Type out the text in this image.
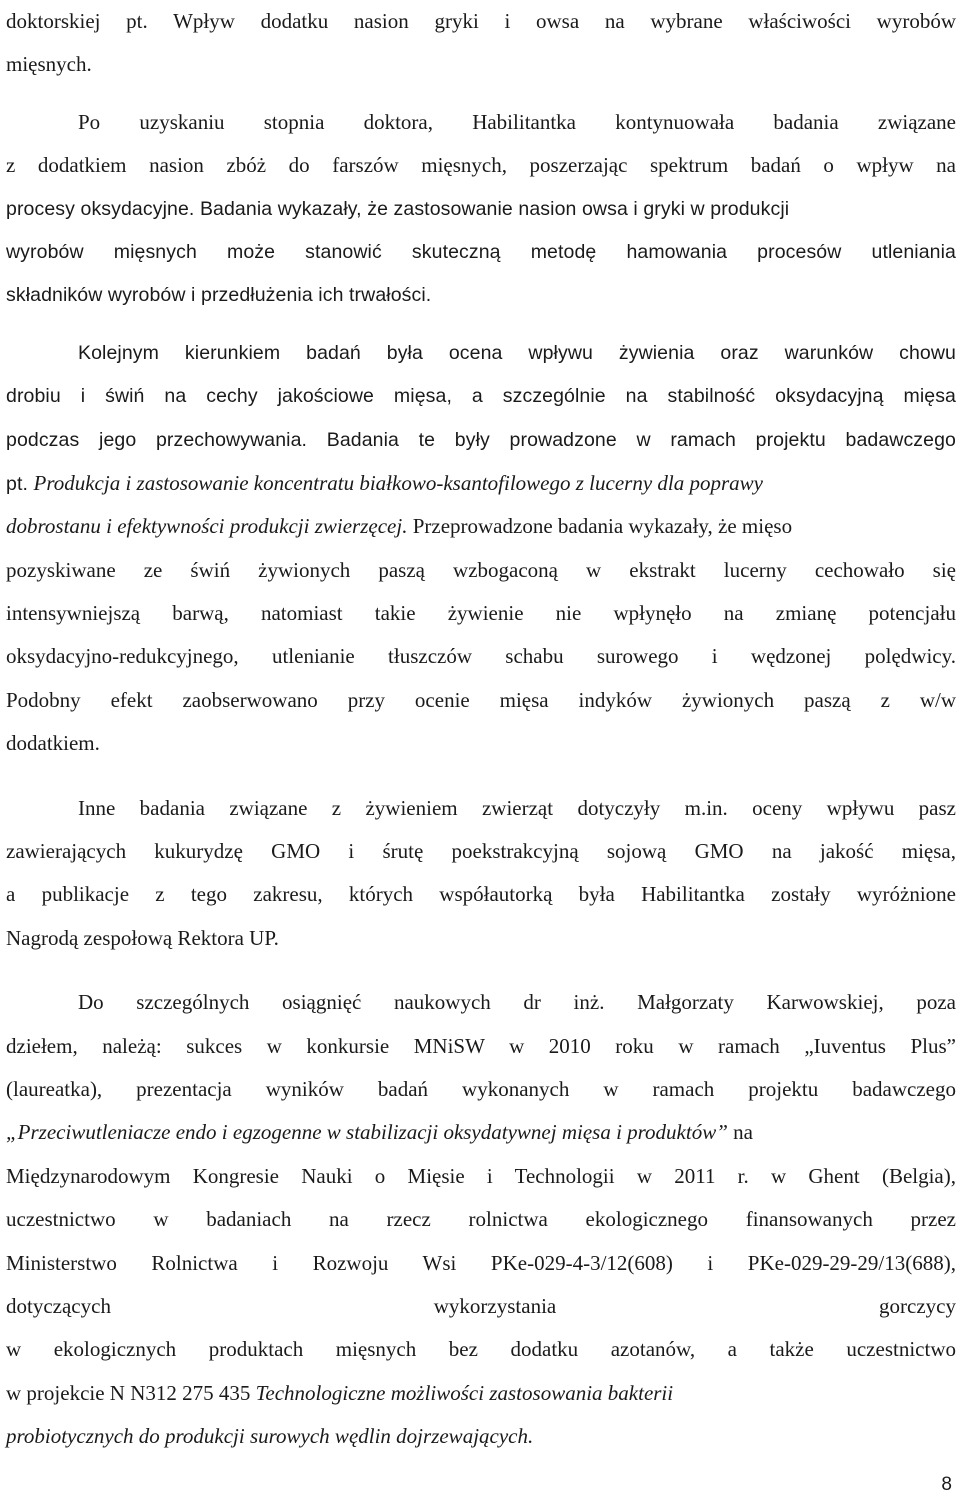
doktorskiej pt. Wpływ dodatku nasion gryki i owsa na wybrane właściwości wyrobów
mięsnych.
Po uzyskaniu stopnia doktora, Habilitantka kontynuowała badania związane
z dodatkiem nasion zbóż do farszów mięsnych, poszerzając spektrum badań o wpływ na
procesy oksydacyjne. Badania wykazały, że zastosowanie nasion owsa i gryki w produkcji
wyrobów mięsnych może stanowić skuteczną metodę hamowania procesów utleniania
składników wyrobów i przedłużenia ich trwałości.
Kolejnym kierunkiem badań była ocena wpływu żywienia oraz warunków chowu
drobiu i świń na cechy jakościowe mięsa, a szczególnie na stabilność oksydacyjną mięsa
podczas jego przechowywania. Badania te były prowadzone w ramach projektu badawczego
pt. Produkcja i zastosowanie koncentratu białkowo-ksantofilowego z lucerny dla poprawy
dobrostanu i efektywności produkcji zwierzęcej. Przeprowadzone badania wykazały, że mięso
pozyskiwane ze świń żywionych paszą wzbogaconą w ekstrakt lucerny cechowało się
intensywniejszą barwą, natomiast takie żywienie nie wpłynęło na zmianę potencjału
oksydacyjno-redukcyjnego, utlenianie tłuszczów schabu surowego i wędzonej polędwicy.
Podobny efekt zaobserwowano przy ocenie mięsa indyków żywionych paszą z w/w
dodatkiem.
Inne badania związane z żywieniem zwierząt dotyczyły m.in. oceny wpływu pasz
zawierających kukurydzę GMO i śrutę poekstrakcyjną sojową GMO na jakość mięsa,
a publikacje z tego zakresu, których współautorką była Habilitantka zostały wyróżnione
Nagrodą zespołową Rektora UP.
Do szczególnych osiągnięć naukowych dr inż. Małgorzaty Karwowskiej, poza
dziełem, należą: sukces w konkursie MNiSW w 2010 roku w ramach „Iuventus Plus”
(laureatka), prezentacja wyników badań wykonanych w ramach projektu badawczego
„Przeciwutleniacze endo i egzogenne w stabilizacji oksydatywnej mięsa i produktów” na
Międzynarodowym Kongresie Nauki o Mięsie i Technologii w 2011 r. w Ghent (Belgia),
uczestnictwo w badaniach na rzecz rolnictwa ekologicznego finansowanych przez
Ministerstwo Rolnictwa i Rozwoju Wsi PKe-029-4-3/12(608) i PKe-029-29-29/13(688),
dotyczących wykorzystania gorczycy
w ekologicznych produktach mięsnych bez dodatku azotanów, a także uczestnictwo
w projekcie N N312 275 435 Technologiczne możliwości zastosowania bakterii
probiotycznych do produkcji surowych wędlin dojrzewających.
8
